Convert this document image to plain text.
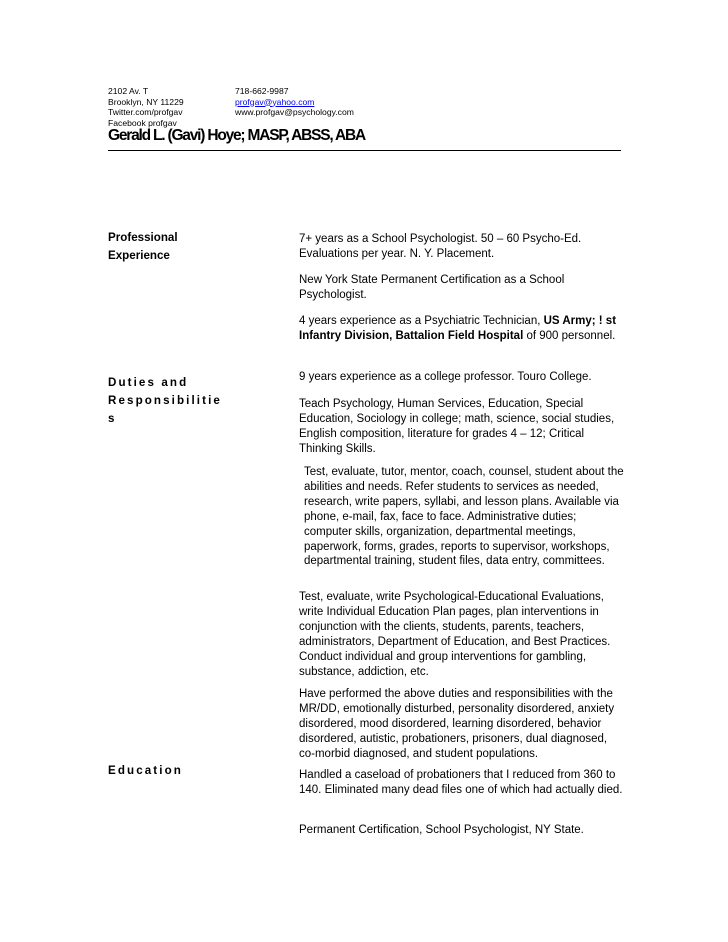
2102 Av. T
Brooklyn, NY 11229
Twitter.com/profgav
Facebook profgav
718-662-9987
profgav@yahoo.com
www.profgav@psychology.com
Gerald L. (Gavi) Hoye; MASP, ABSS, ABA
Professional
Experience
Duties and
Responsibilitie
s
Education
7+ years as a School Psychologist. 50 – 60 Psycho-Ed. Evaluations per year. N. Y. Placement.
New York State Permanent Certification as a School Psychologist.
4 years experience as a Psychiatric Technician, US Army; ! st Infantry Division, Battalion Field Hospital of 900 personnel.
9 years experience as a college professor. Touro College.
Teach Psychology, Human Services, Education, Special Education, Sociology in college; math, science, social studies, English composition, literature for grades 4 – 12; Critical Thinking Skills.
Test, evaluate, tutor, mentor, coach, counsel, student about the abilities and needs. Refer students to services as needed, research, write papers, syllabi, and lesson plans. Available via phone, e-mail, fax, face to face. Administrative duties; computer skills, organization, departmental meetings, paperwork, forms, grades, reports to supervisor, workshops, departmental training, student files, data entry, committees.
Test, evaluate, write Psychological-Educational Evaluations, write Individual Education Plan pages, plan interventions in conjunction with the clients, students, parents, teachers, administrators, Department of Education, and Best Practices. Conduct individual and group interventions for gambling, substance, addiction, etc.
Have performed the above duties and responsibilities with the MR/DD, emotionally disturbed, personality disordered, anxiety disordered, mood disordered, learning disordered, behavior disordered, autistic, probationers, prisoners, dual diagnosed, co-morbid diagnosed, and student populations.
Handled a caseload of probationers that I reduced from 360 to 140. Eliminated many dead files one of which had actually died.
Permanent Certification, School Psychologist, NY State.
